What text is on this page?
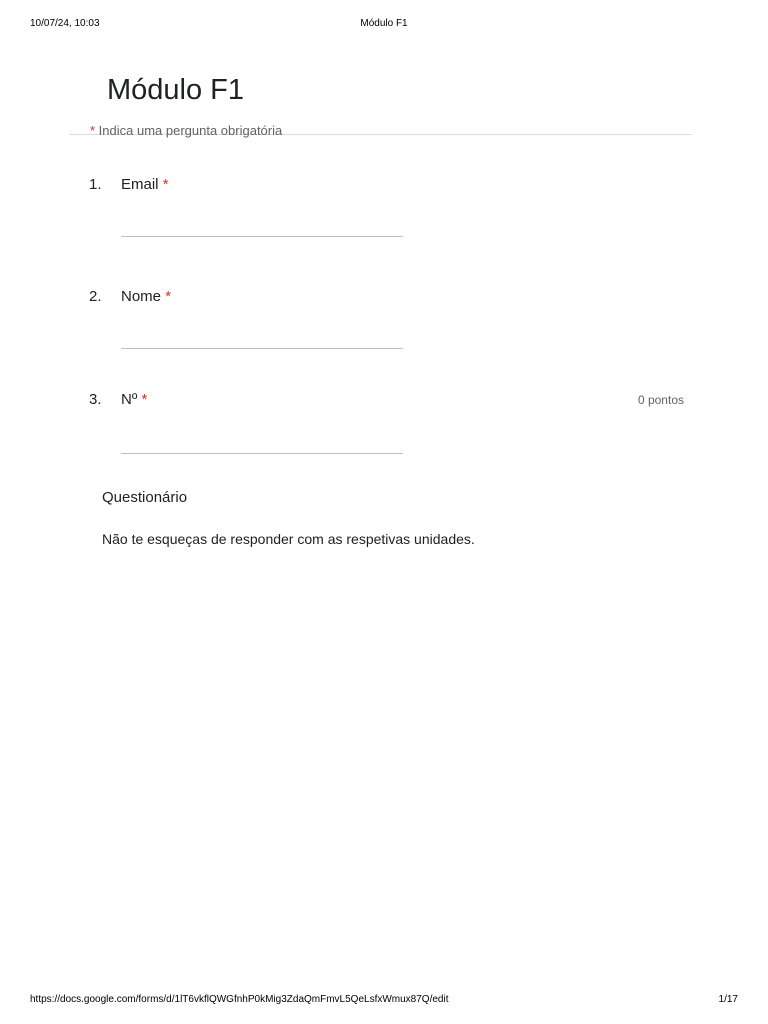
10/07/24, 10:03	Módulo F1
Módulo F1
* Indica uma pergunta obrigatória
1. Email *
2. Nome *
3. Nº *	0 pontos
Questionário
Não te esqueças de responder com as respetivas unidades.
https://docs.google.com/forms/d/1lT6vkflQWGfnhP0kMig3ZdaQmFmvL5QeLsfxWmux87Q/edit	1/17
